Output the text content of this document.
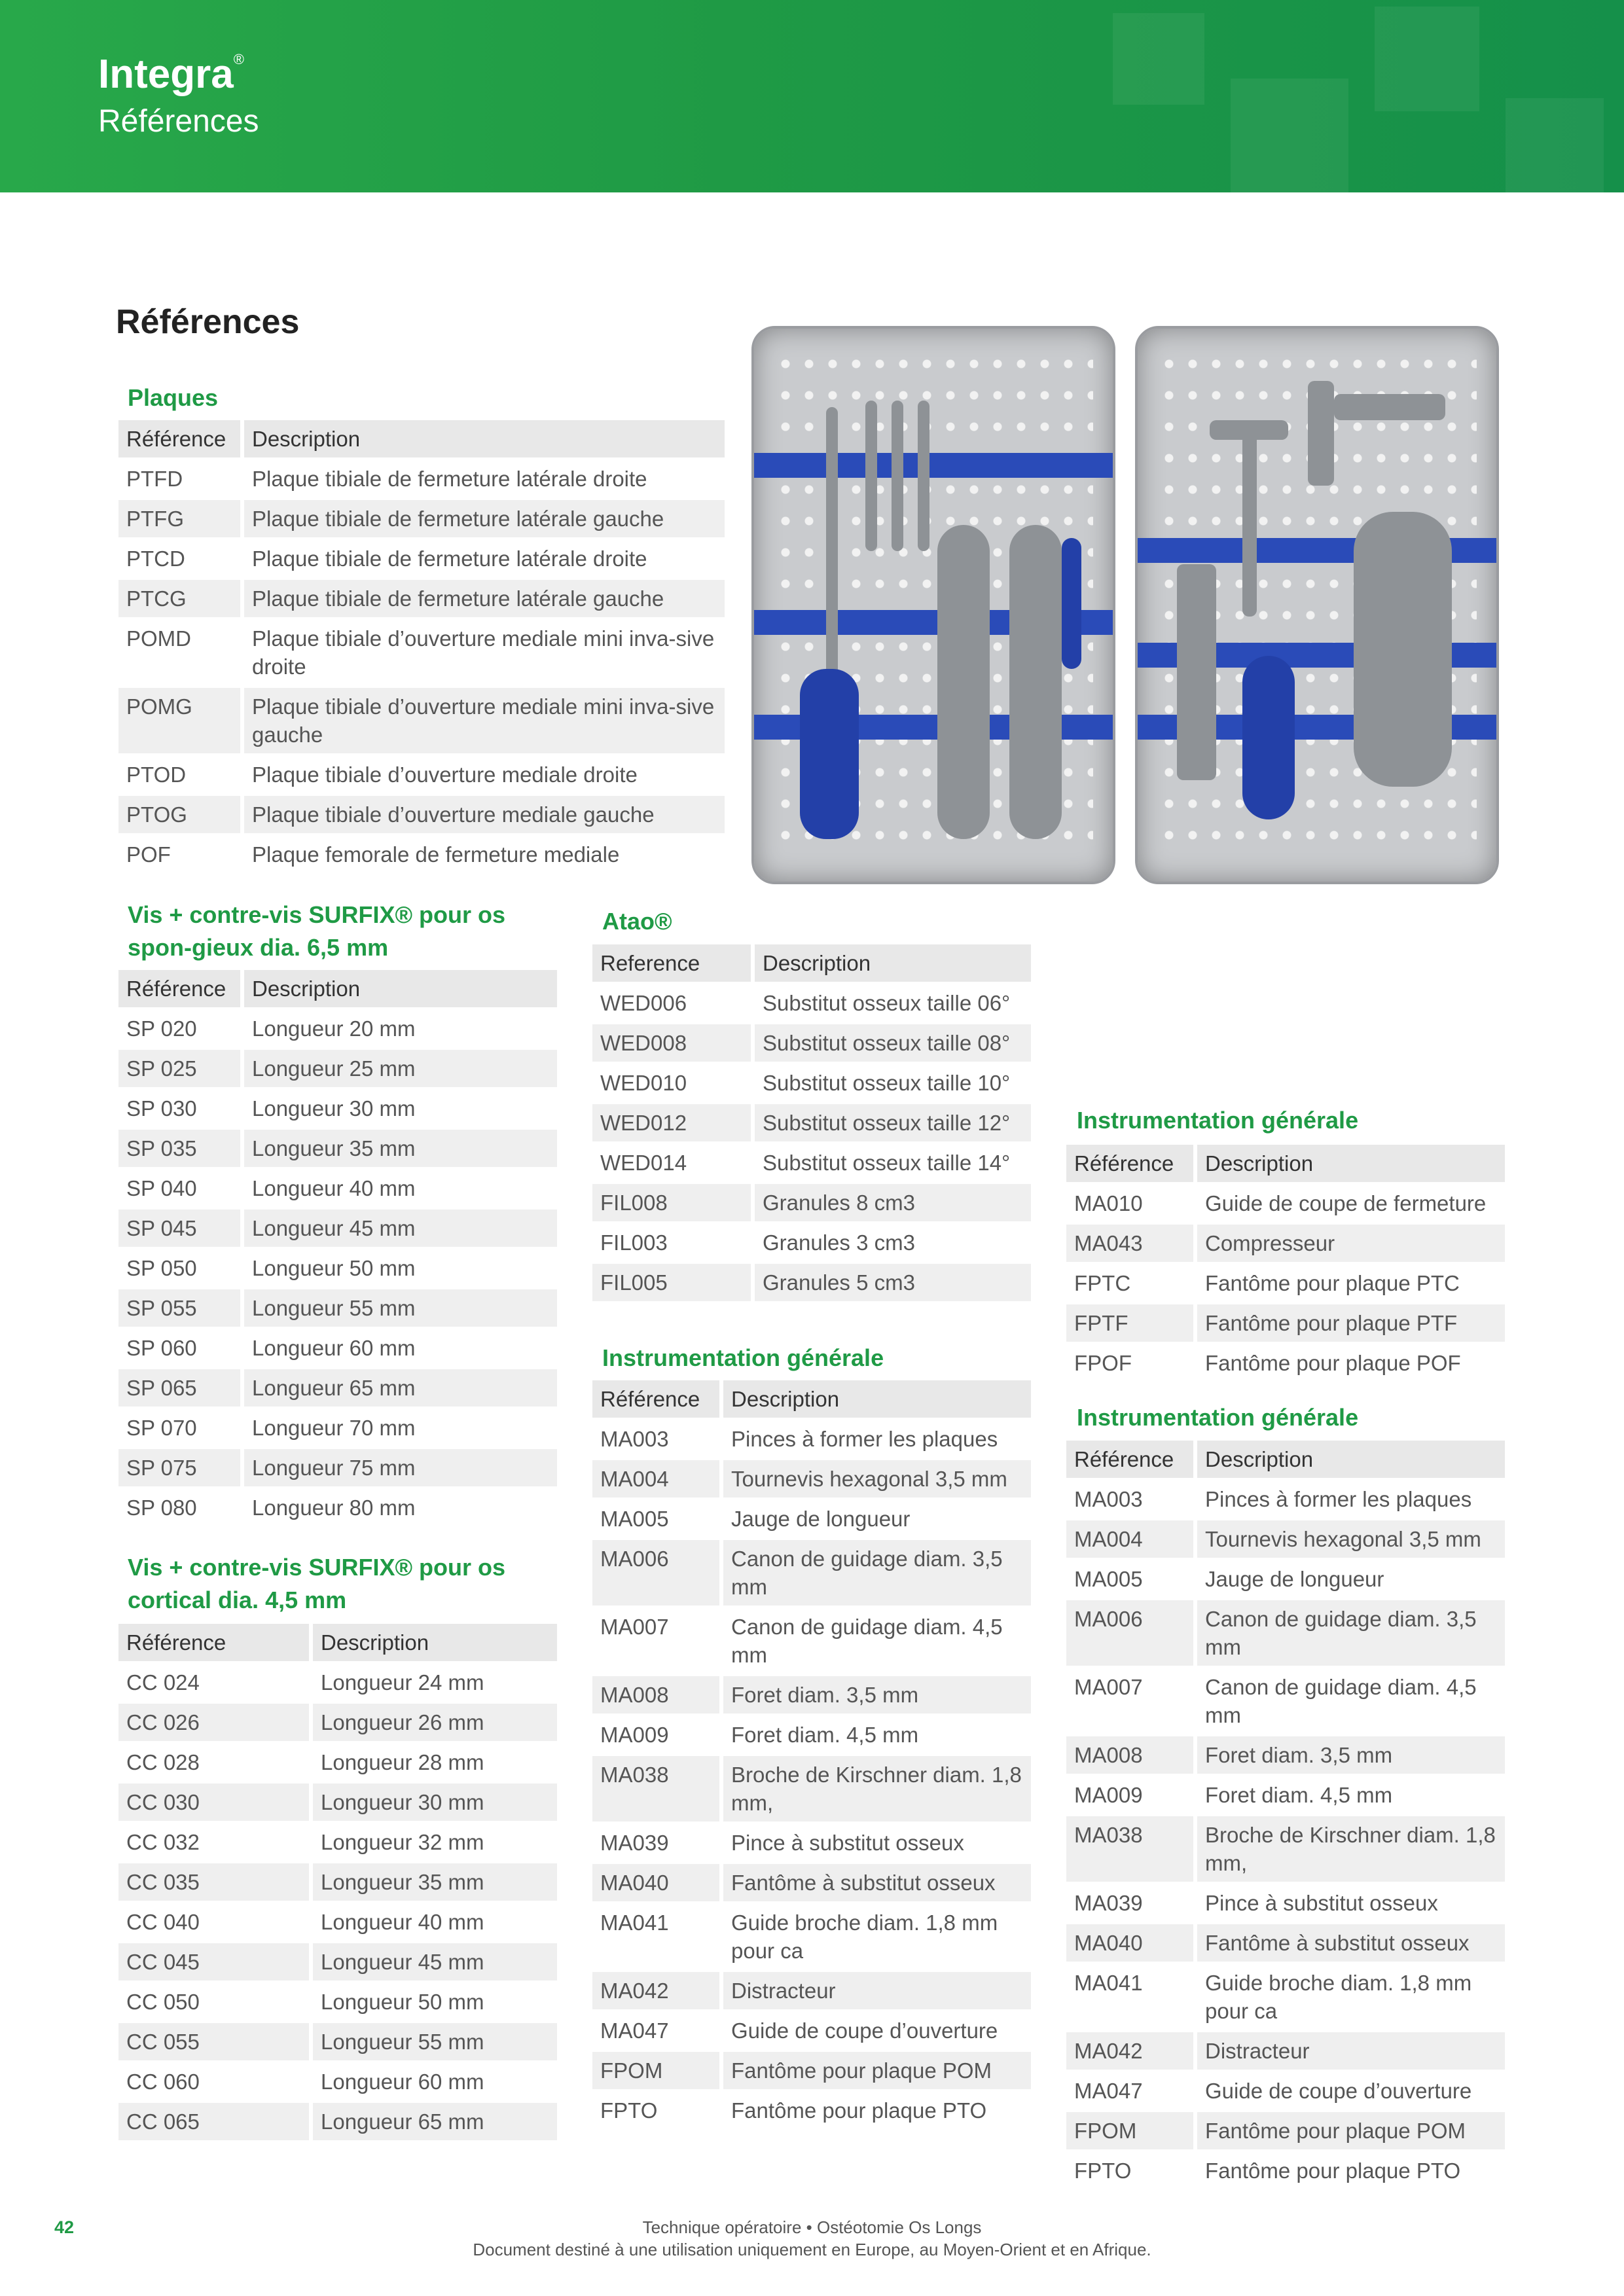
Integra®
Références
Références
Plaques
Référence	Description
PTFD	Plaque tibiale de fermeture latérale droite
PTFG	Plaque tibiale de fermeture latérale gauche
PTCD	Plaque tibiale de fermeture latérale droite
PTCG	Plaque tibiale de fermeture latérale gauche
POMD	Plaque tibiale d’ouverture mediale mini inva-sive droite
POMG	Plaque tibiale d’ouverture mediale mini inva-sive gauche
PTOD	Plaque tibiale d’ouverture mediale droite
PTOG	Plaque tibiale d’ouverture mediale gauche
POF	Plaque femorale de fermeture mediale
Vis + contre-vis SURFIX® pour os spon-gieux dia. 6,5 mm
Référence	Description
SP 020	Longueur 20 mm
SP 025	Longueur 25 mm
SP 030	Longueur 30 mm
SP 035	Longueur 35 mm
SP 040	Longueur 40 mm
SP 045	Longueur 45 mm
SP 050	Longueur 50 mm
SP 055	Longueur 55 mm
SP 060	Longueur 60 mm
SP 065	Longueur 65 mm
SP 070	Longueur 70 mm
SP 075	Longueur 75 mm
SP 080	Longueur 80 mm
Vis + contre-vis SURFIX® pour os cortical dia. 4,5 mm
Référence	Description
CC 024	Longueur 24 mm
CC 026	Longueur 26 mm
CC 028	Longueur 28 mm
CC 030	Longueur 30 mm
CC 032	Longueur 32 mm
CC 035	Longueur 35 mm
CC 040	Longueur 40 mm
CC 045	Longueur 45 mm
CC 050	Longueur 50 mm
CC 055	Longueur 55 mm
CC 060	Longueur 60 mm
CC 065	Longueur 65 mm
Atao®
Reference	Description
WED006	Substitut osseux taille 06°
WED008	Substitut osseux taille 08°
WED010	Substitut osseux taille 10°
WED012	Substitut osseux taille 12°
WED014	Substitut osseux taille 14°
FIL008	Granules 8 cm3
FIL003	Granules 3 cm3
FIL005	Granules 5 cm3
Instrumentation générale
Référence	Description
MA003	Pinces à former les plaques
MA004	Tournevis hexagonal 3,5 mm
MA005	Jauge de longueur
MA006	Canon de guidage diam. 3,5 mm
MA007	Canon de guidage diam. 4,5 mm
MA008	Foret diam. 3,5 mm
MA009	Foret diam. 4,5 mm
MA038	Broche de Kirschner diam. 1,8 mm,
MA039	Pince à substitut osseux
MA040	Fantôme à substitut osseux
MA041	Guide broche diam. 1,8 mm pour ca
MA042	Distracteur
MA047	Guide de coupe d’ouverture
FPOM	Fantôme pour plaque POM
FPTO	Fantôme pour plaque PTO
Instrumentation générale
Référence	Description
MA010	Guide de coupe de fermeture
MA043	Compresseur
FPTC	Fantôme pour plaque PTC
FPTF	Fantôme pour plaque PTF
FPOF	Fantôme pour plaque POF
Instrumentation générale
Référence	Description
MA003	Pinces à former les plaques
MA004	Tournevis hexagonal 3,5 mm
MA005	Jauge de longueur
MA006	Canon de guidage diam. 3,5 mm
MA007	Canon de guidage diam. 4,5 mm
MA008	Foret diam. 3,5 mm
MA009	Foret diam. 4,5 mm
MA038	Broche de Kirschner diam. 1,8 mm,
MA039	Pince à substitut osseux
MA040	Fantôme à substitut osseux
MA041	Guide broche diam. 1,8 mm pour ca
MA042	Distracteur
MA047	Guide de coupe d’ouverture
FPOM	Fantôme pour plaque POM
FPTO	Fantôme pour plaque PTO
42	Technique opératoire • Ostéotomie Os Longs
Document destiné à une utilisation uniquement en Europe, au Moyen-Orient et en Afrique.
